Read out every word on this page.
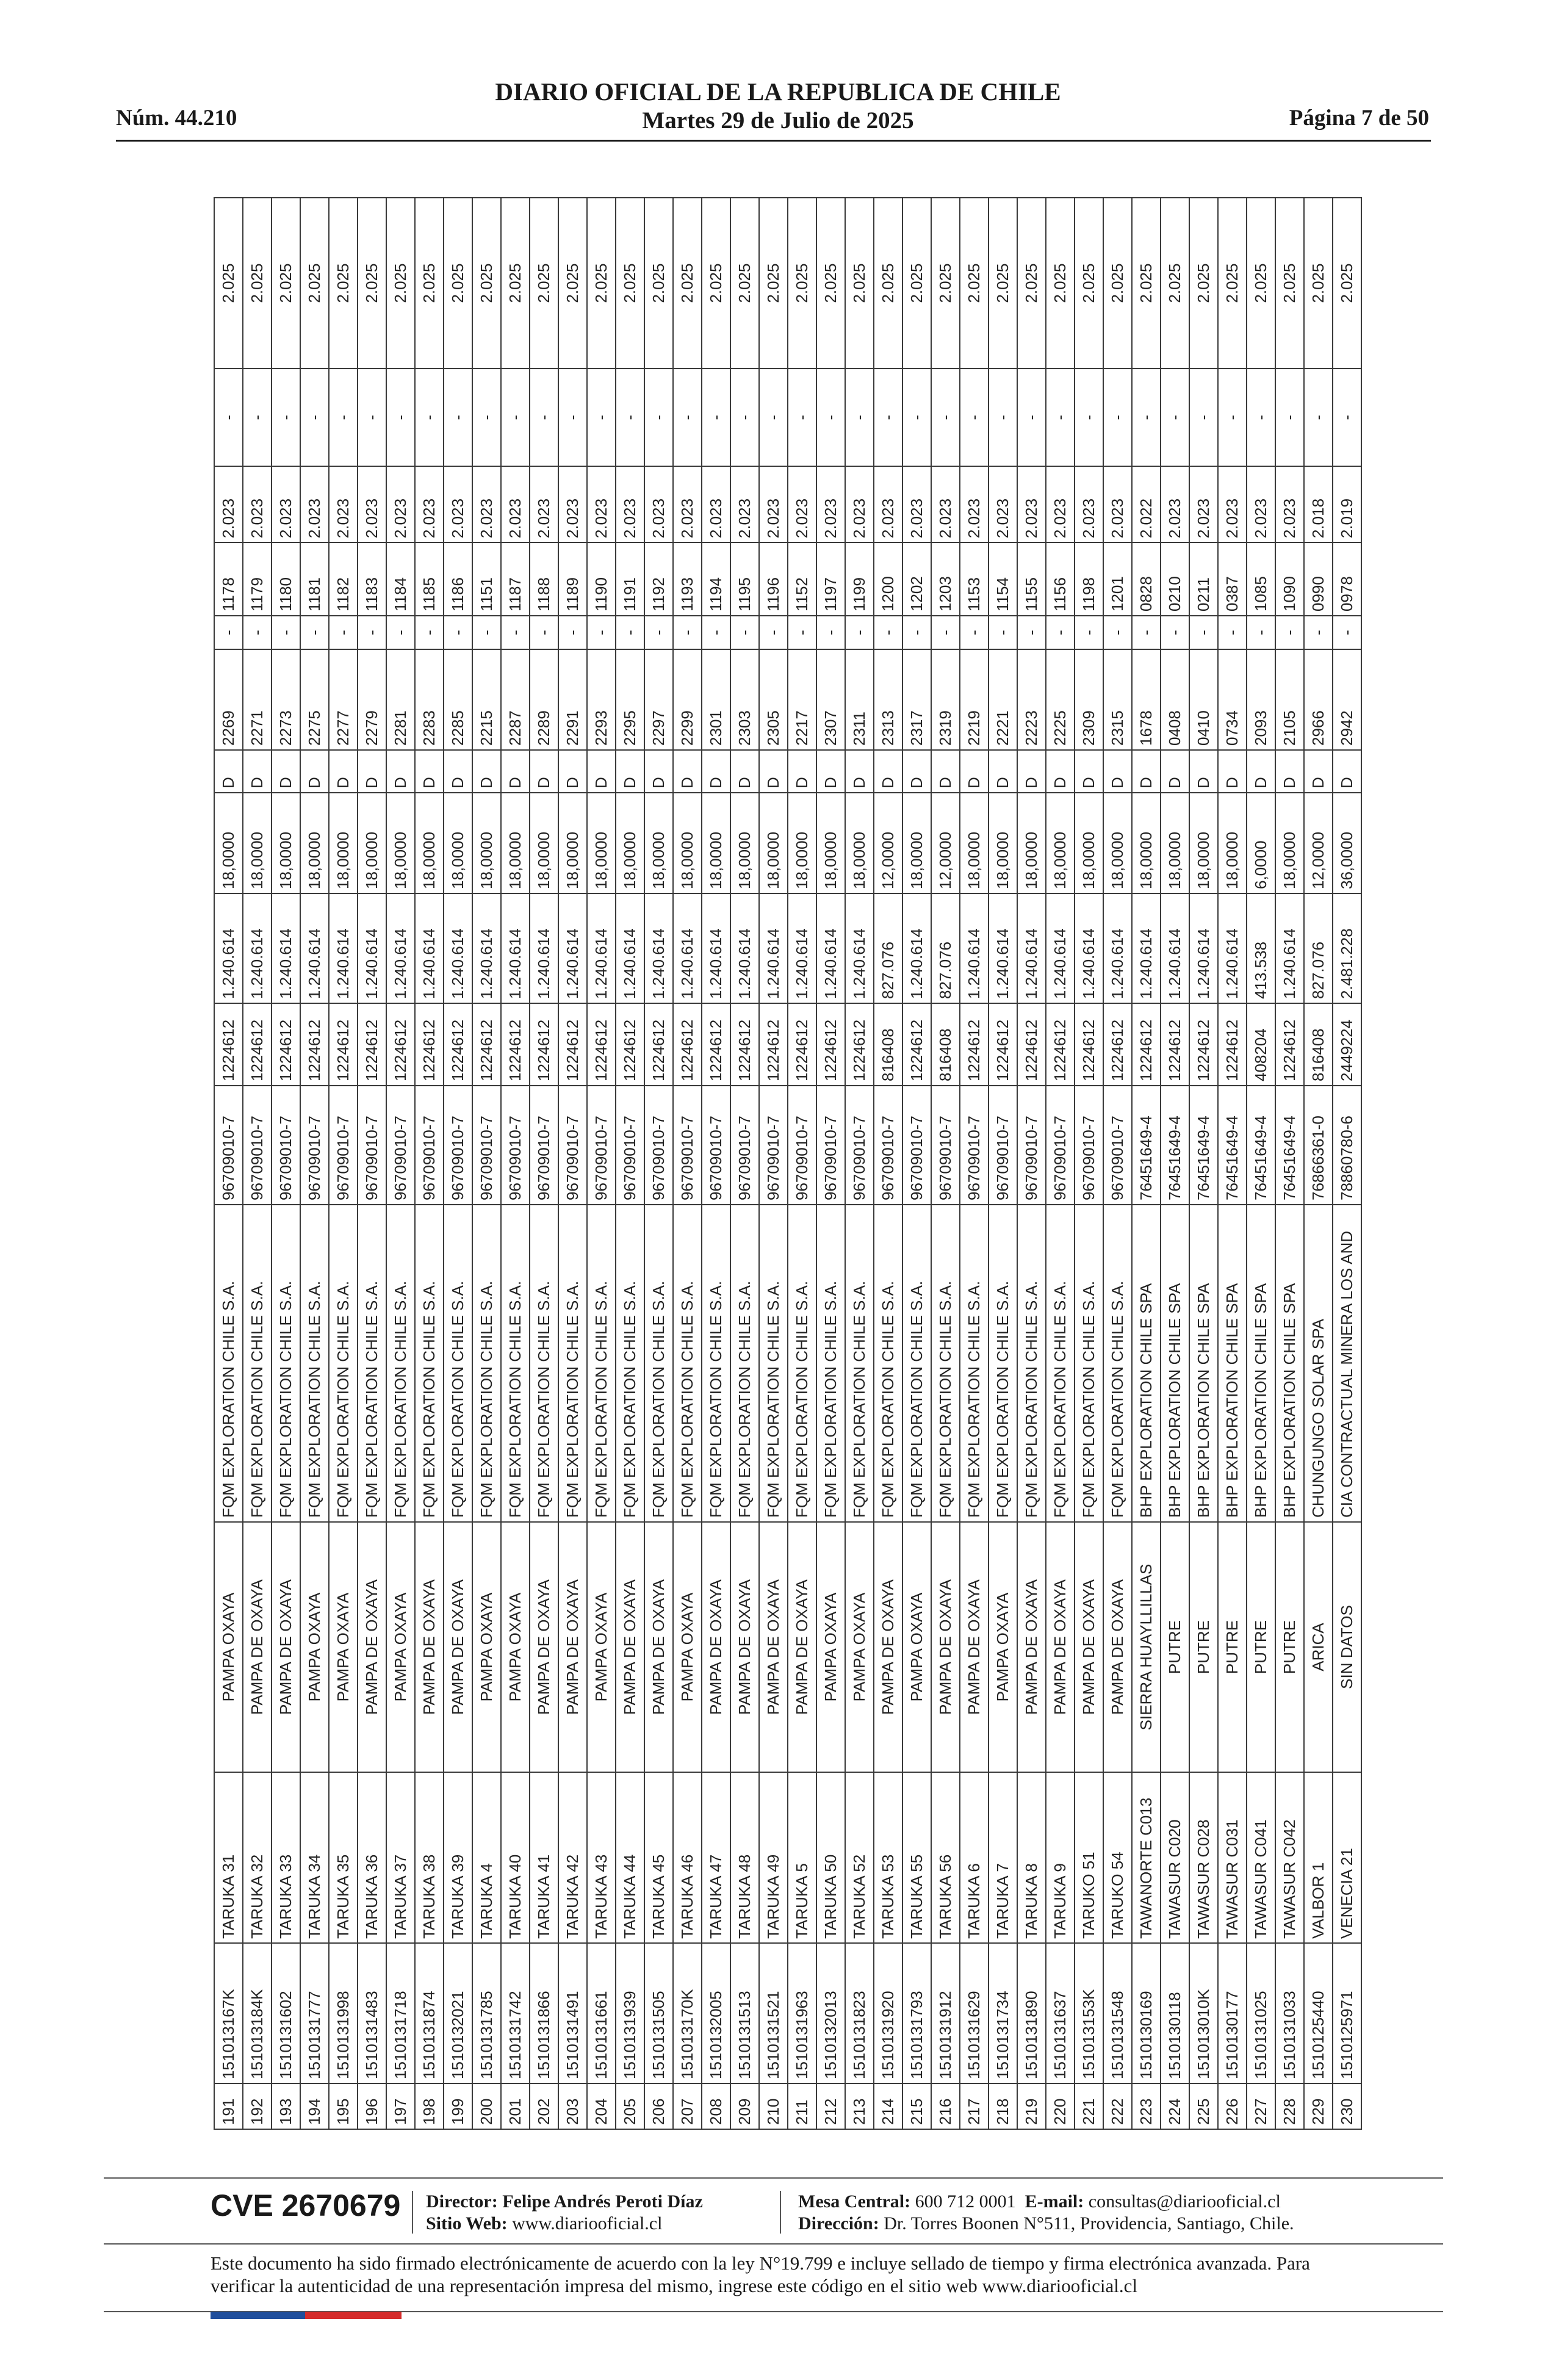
Núm. 44.210
DIARIO OFICIAL DE LA REPUBLICA DE CHILE
Martes 29 de Julio de 2025	Página 7 de 50
191	151013167K	TARUKA 31	PAMPA OXAYA	FQM EXPLORATION CHILE S.A.	96709010-7	1224612	1.240.614	18,0000	D	2269	-	1178	2.023	-	2.025
192	151013184K	TARUKA 32	PAMPA DE OXAYA	FQM EXPLORATION CHILE S.A.	96709010-7	1224612	1.240.614	18,0000	D	2271	-	1179	2.023	-	2.025
193	1510131602	TARUKA 33	PAMPA DE OXAYA	FQM EXPLORATION CHILE S.A.	96709010-7	1224612	1.240.614	18,0000	D	2273	-	1180	2.023	-	2.025
194	1510131777	TARUKA 34	PAMPA OXAYA	FQM EXPLORATION CHILE S.A.	96709010-7	1224612	1.240.614	18,0000	D	2275	-	1181	2.023	-	2.025
195	1510131998	TARUKA 35	PAMPA OXAYA	FQM EXPLORATION CHILE S.A.	96709010-7	1224612	1.240.614	18,0000	D	2277	-	1182	2.023	-	2.025
196	1510131483	TARUKA 36	PAMPA DE OXAYA	FQM EXPLORATION CHILE S.A.	96709010-7	1224612	1.240.614	18,0000	D	2279	-	1183	2.023	-	2.025
197	1510131718	TARUKA 37	PAMPA OXAYA	FQM EXPLORATION CHILE S.A.	96709010-7	1224612	1.240.614	18,0000	D	2281	-	1184	2.023	-	2.025
198	1510131874	TARUKA 38	PAMPA DE OXAYA	FQM EXPLORATION CHILE S.A.	96709010-7	1224612	1.240.614	18,0000	D	2283	-	1185	2.023	-	2.025
199	1510132021	TARUKA 39	PAMPA DE OXAYA	FQM EXPLORATION CHILE S.A.	96709010-7	1224612	1.240.614	18,0000	D	2285	-	1186	2.023	-	2.025
200	1510131785	TARUKA 4	PAMPA OXAYA	FQM EXPLORATION CHILE S.A.	96709010-7	1224612	1.240.614	18,0000	D	2215	-	1151	2.023	-	2.025
201	1510131742	TARUKA 40	PAMPA OXAYA	FQM EXPLORATION CHILE S.A.	96709010-7	1224612	1.240.614	18,0000	D	2287	-	1187	2.023	-	2.025
202	1510131866	TARUKA 41	PAMPA DE OXAYA	FQM EXPLORATION CHILE S.A.	96709010-7	1224612	1.240.614	18,0000	D	2289	-	1188	2.023	-	2.025
203	1510131491	TARUKA 42	PAMPA DE OXAYA	FQM EXPLORATION CHILE S.A.	96709010-7	1224612	1.240.614	18,0000	D	2291	-	1189	2.023	-	2.025
204	1510131661	TARUKA 43	PAMPA OXAYA	FQM EXPLORATION CHILE S.A.	96709010-7	1224612	1.240.614	18,0000	D	2293	-	1190	2.023	-	2.025
205	1510131939	TARUKA 44	PAMPA DE OXAYA	FQM EXPLORATION CHILE S.A.	96709010-7	1224612	1.240.614	18,0000	D	2295	-	1191	2.023	-	2.025
206	1510131505	TARUKA 45	PAMPA DE OXAYA	FQM EXPLORATION CHILE S.A.	96709010-7	1224612	1.240.614	18,0000	D	2297	-	1192	2.023	-	2.025
207	151013170K	TARUKA 46	PAMPA OXAYA	FQM EXPLORATION CHILE S.A.	96709010-7	1224612	1.240.614	18,0000	D	2299	-	1193	2.023	-	2.025
208	1510132005	TARUKA 47	PAMPA DE OXAYA	FQM EXPLORATION CHILE S.A.	96709010-7	1224612	1.240.614	18,0000	D	2301	-	1194	2.023	-	2.025
209	1510131513	TARUKA 48	PAMPA DE OXAYA	FQM EXPLORATION CHILE S.A.	96709010-7	1224612	1.240.614	18,0000	D	2303	-	1195	2.023	-	2.025
210	1510131521	TARUKA 49	PAMPA DE OXAYA	FQM EXPLORATION CHILE S.A.	96709010-7	1224612	1.240.614	18,0000	D	2305	-	1196	2.023	-	2.025
211	1510131963	TARUKA 5	PAMPA DE OXAYA	FQM EXPLORATION CHILE S.A.	96709010-7	1224612	1.240.614	18,0000	D	2217	-	1152	2.023	-	2.025
212	1510132013	TARUKA 50	PAMPA OXAYA	FQM EXPLORATION CHILE S.A.	96709010-7	1224612	1.240.614	18,0000	D	2307	-	1197	2.023	-	2.025
213	1510131823	TARUKA 52	PAMPA OXAYA	FQM EXPLORATION CHILE S.A.	96709010-7	1224612	1.240.614	18,0000	D	2311	-	1199	2.023	-	2.025
214	1510131920	TARUKA 53	PAMPA DE OXAYA	FQM EXPLORATION CHILE S.A.	96709010-7	816408	827.076	12,0000	D	2313	-	1200	2.023	-	2.025
215	1510131793	TARUKA 55	PAMPA OXAYA	FQM EXPLORATION CHILE S.A.	96709010-7	1224612	1.240.614	18,0000	D	2317	-	1202	2.023	-	2.025
216	1510131912	TARUKA 56	PAMPA DE OXAYA	FQM EXPLORATION CHILE S.A.	96709010-7	816408	827.076	12,0000	D	2319	-	1203	2.023	-	2.025
217	1510131629	TARUKA 6	PAMPA DE OXAYA	FQM EXPLORATION CHILE S.A.	96709010-7	1224612	1.240.614	18,0000	D	2219	-	1153	2.023	-	2.025
218	1510131734	TARUKA 7	PAMPA OXAYA	FQM EXPLORATION CHILE S.A.	96709010-7	1224612	1.240.614	18,0000	D	2221	-	1154	2.023	-	2.025
219	1510131890	TARUKA 8	PAMPA DE OXAYA	FQM EXPLORATION CHILE S.A.	96709010-7	1224612	1.240.614	18,0000	D	2223	-	1155	2.023	-	2.025
220	1510131637	TARUKA 9	PAMPA DE OXAYA	FQM EXPLORATION CHILE S.A.	96709010-7	1224612	1.240.614	18,0000	D	2225	-	1156	2.023	-	2.025
221	151013153K	TARUKO 51	PAMPA DE OXAYA	FQM EXPLORATION CHILE S.A.	96709010-7	1224612	1.240.614	18,0000	D	2309	-	1198	2.023	-	2.025
222	1510131548	TARUKO 54	PAMPA DE OXAYA	FQM EXPLORATION CHILE S.A.	96709010-7	1224612	1.240.614	18,0000	D	2315	-	1201	2.023	-	2.025
223	1510130169	TAWANORTE C013	SIERRA HUAYLLILLAS	BHP EXPLORATION CHILE SPA	76451649-4	1224612	1.240.614	18,0000	D	1678	-	0828	2.022	-	2.025
224	1510130118	TAWASUR C020	PUTRE	BHP EXPLORATION CHILE SPA	76451649-4	1224612	1.240.614	18,0000	D	0408	-	0210	2.023	-	2.025
225	151013010K	TAWASUR C028	PUTRE	BHP EXPLORATION CHILE SPA	76451649-4	1224612	1.240.614	18,0000	D	0410	-	0211	2.023	-	2.025
226	1510130177	TAWASUR C031	PUTRE	BHP EXPLORATION CHILE SPA	76451649-4	1224612	1.240.614	18,0000	D	0734	-	0387	2.023	-	2.025
227	1510131025	TAWASUR C041	PUTRE	BHP EXPLORATION CHILE SPA	76451649-4	408204	413.538	6,0000	D	2093	-	1085	2.023	-	2.025
228	1510131033	TAWASUR C042	PUTRE	BHP EXPLORATION CHILE SPA	76451649-4	1224612	1.240.614	18,0000	D	2105	-	1090	2.023	-	2.025
229	1510125440	VALBOR 1	ARICA	CHUNGUNGO SOLAR SPA	76866361-0	816408	827.076	12,0000	D	2966	-	0990	2.018	-	2.025
230	1510125971	VENECIA 21	SIN DATOS	CIA CONTRACTUAL MINERA LOS AND	78860780-6	2449224	2.481.228	36,0000	D	2942	-	0978	2.019	-	2.025
CVE 2670679 Director: Felipe Andrés Peroti Díaz
Sitio Web: www.diariooficial.cl
Mesa Central: 600 712 0001 E-mail: consultas@diariooficial.cl
Dirección: Dr. Torres Boonen N°511, Providencia, Santiago, Chile.
Este documento ha sido firmado electrónicamente de acuerdo con la ley N°19.799 e incluye sellado de tiempo y firma electrónica avanzada. Para verificar la autenticidad de una representación impresa del mismo, ingrese este código en el sitio web www.diariooficial.cl
